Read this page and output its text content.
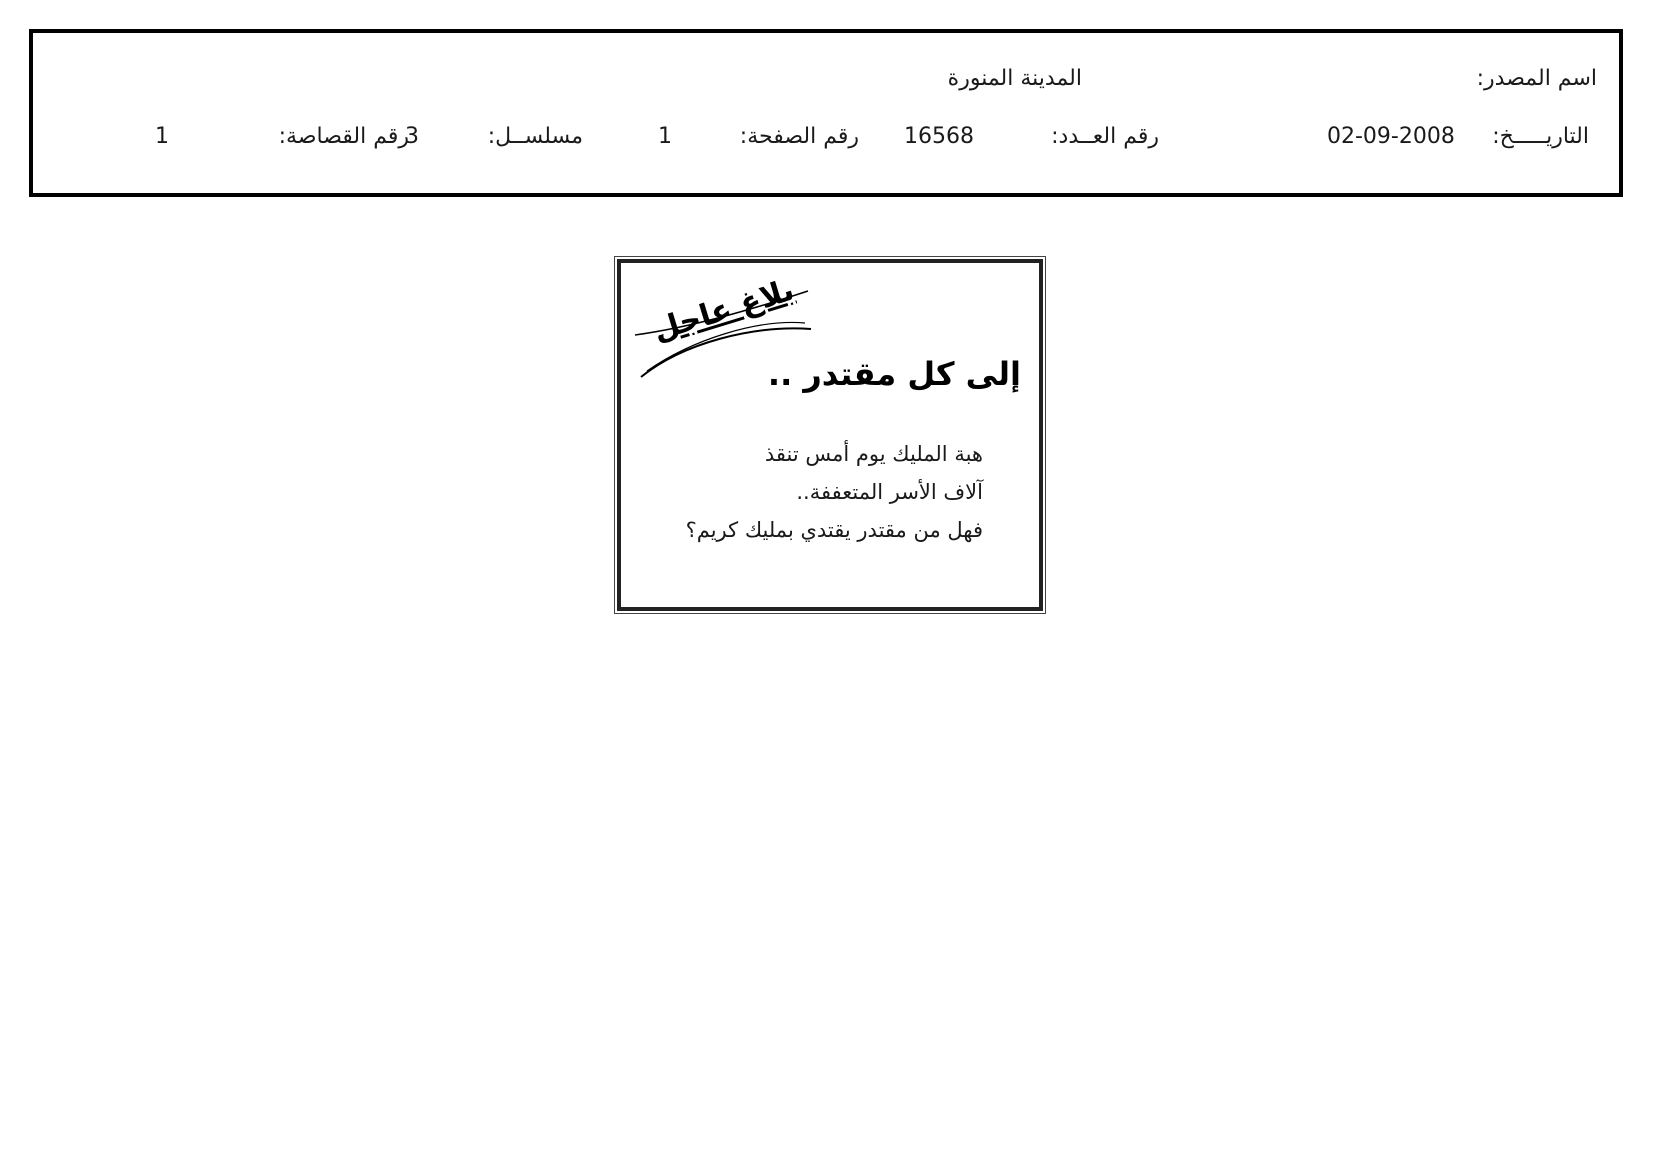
اسم المصدر:
المدينة المنورة
التاريـــــخ:
02-09-2008
رقم العــدد:
16568
رقم الصفحة:
1
مسلســل:
3
رقم القصاصة:
1
بلاغ عاجل
إلى كل مقتدر ..
هبة المليك يوم أمس تنقذ
آلاف الأسر المتعففة..
فهل من مقتدر يقتدي بمليك كريم؟
